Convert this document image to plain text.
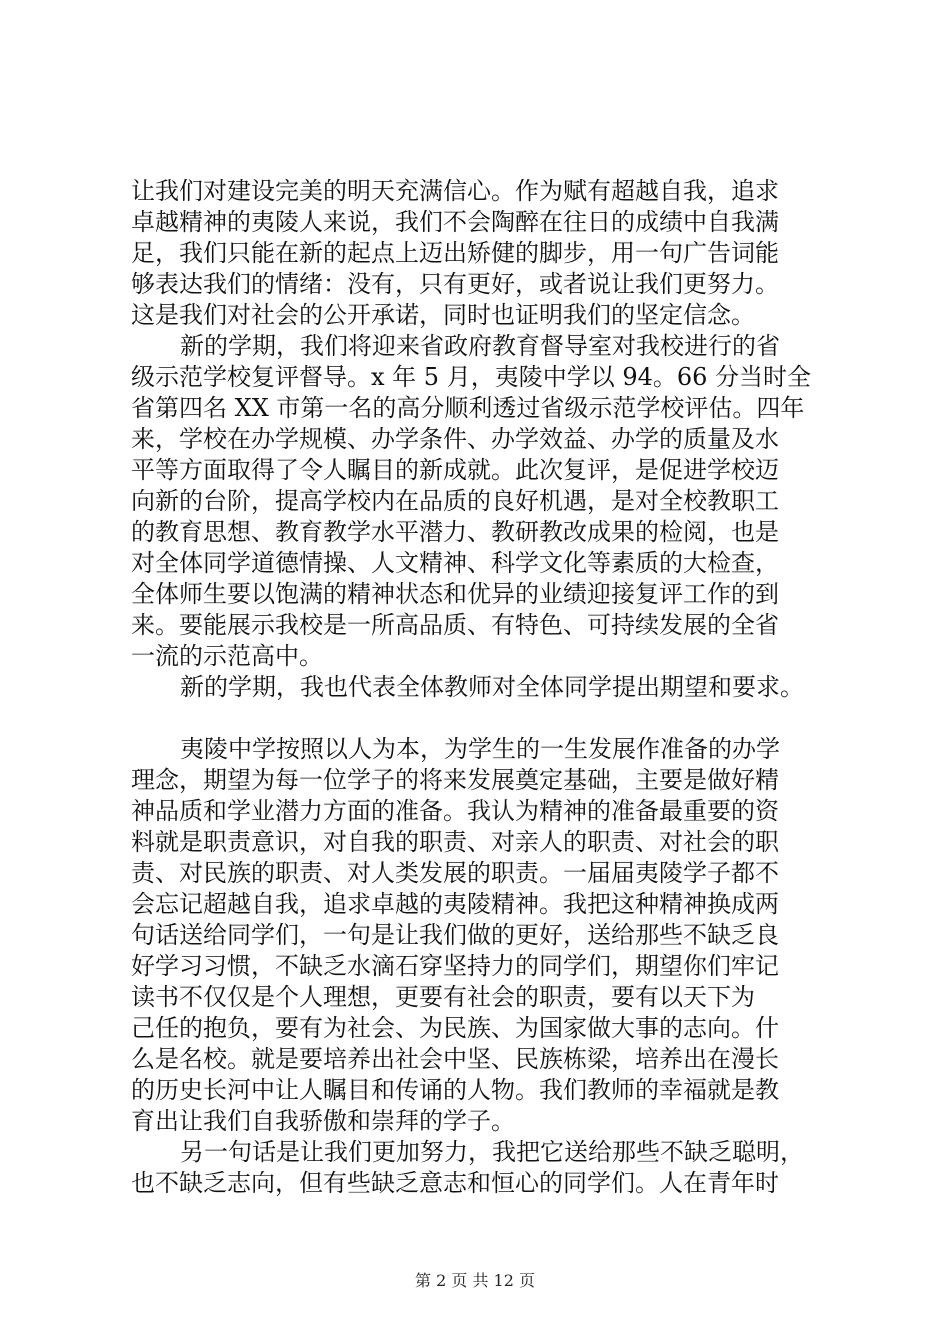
让我们对建设完美的明天充满信心。作为赋有超越自我，追求
卓越精神的夷陵人来说，我们不会陶醉在往日的成绩中自我满
足，我们只能在新的起点上迈出矫健的脚步，用一句广告词能
够表达我们的情绪：没有，只有更好，或者说让我们更努力。
这是我们对社会的公开承诺，同时也证明我们的坚定信念。
新的学期，我们将迎来省政府教育督导室对我校进行的省
级示范学校复评督导。x 年 5 月，夷陵中学以 94。66 分当时全
省第四名 XX 市第一名的高分顺利透过省级示范学校评估。四年
来，学校在办学规模、办学条件、办学效益、办学的质量及水
平等方面取得了令人瞩目的新成就。此次复评，是促进学校迈
向新的台阶，提高学校内在品质的良好机遇，是对全校教职工
的教育思想、教育教学水平潜力、教研教改成果的检阅，也是
对全体同学道德情操、人文精神、科学文化等素质的大检查，
全体师生要以饱满的精神状态和优异的业绩迎接复评工作的到
来。要能展示我校是一所高品质、有特色、可持续发展的全省
一流的示范高中。
新的学期，我也代表全体教师对全体同学提出期望和要求。
夷陵中学按照以人为本，为学生的一生发展作准备的办学
理念，期望为每一位学子的将来发展奠定基础，主要是做好精
神品质和学业潜力方面的准备。我认为精神的准备最重要的资
料就是职责意识，对自我的职责、对亲人的职责、对社会的职
责、对民族的职责、对人类发展的职责。一届届夷陵学子都不
会忘记超越自我，追求卓越的夷陵精神。我把这种精神换成两
句话送给同学们，一句是让我们做的更好，送给那些不缺乏良
好学习习惯，不缺乏水滴石穿坚持力的同学们，期望你们牢记
读书不仅仅是个人理想，更要有社会的职责，要有以天下为
己任的抱负，要有为社会、为民族、为国家做大事的志向。什
么是名校。就是要培养出社会中坚、民族栋梁，培养出在漫长
的历史长河中让人瞩目和传诵的人物。我们教师的幸福就是教
育出让我们自我骄傲和崇拜的学子。
另一句话是让我们更加努力，我把它送给那些不缺乏聪明，
也不缺乏志向，但有些缺乏意志和恒心的同学们。人在青年时
第 2 页 共 12 页
